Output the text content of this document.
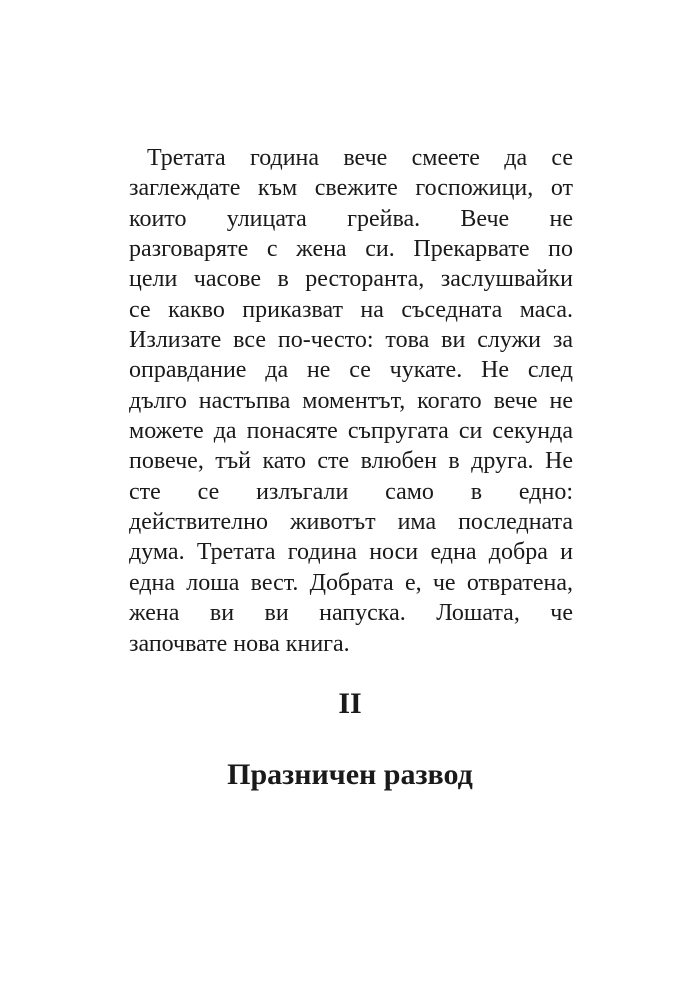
Третата година вече смеете да се
заглеждате към свежите госпожици, от
които улицата грейва. Вече не
разговаряте с жена си. Прекарвате по
цели часове в ресторанта, заслушвайки
се какво приказват на съседната маса.
Излизате все по-често: това ви служи за
оправдание да не се чукате. Не след
дълго настъпва моментът, когато вече не
можете да понасяте съпругата си секунда
повече, тъй като сте влюбен в друга. Не
сте се излъгали само в едно:
действително животът има последната
дума. Третата година носи една добра и
една лоша вест. Добрата е, че отвратена,
жена ви ви напуска. Лошата, че
започвате нова книга.
II
Празничен развод
